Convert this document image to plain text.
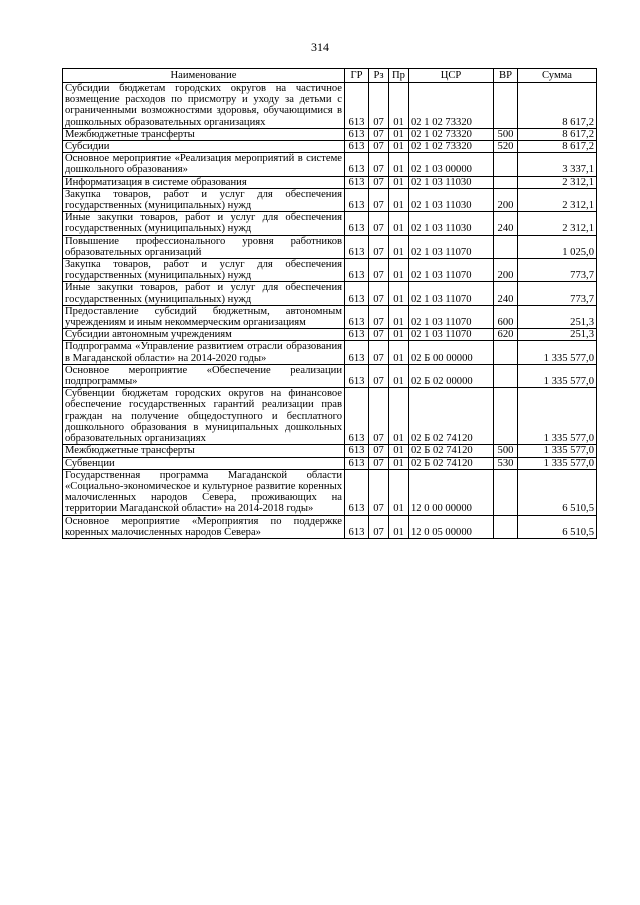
314
Наименование	ГР	Рз	Пр	ЦСР	ВР	Сумма
Субсидии бюджетам городских округов на частичное возмещение расходов по присмотру и уходу за детьми с ограниченными возможностями здоровья, обучающимися в дошкольных образовательных организациях	613	07	01	02 1 02 73320		8 617,2
Межбюджетные трансферты	613	07	01	02 1 02 73320	500	8 617,2
Субсидии	613	07	01	02 1 02 73320	520	8 617,2
Основное мероприятие «Реализация мероприятий в системе дошкольного образования»	613	07	01	02 1 03 00000		3 337,1
Информатизация в системе образования	613	07	01	02 1 03 11030		2 312,1
Закупка товаров, работ и услуг для обеспечения государственных (муниципальных) нужд	613	07	01	02 1 03 11030	200	2 312,1
Иные закупки товаров, работ и услуг для обеспечения государственных (муниципальных) нужд	613	07	01	02 1 03 11030	240	2 312,1
Повышение профессионального уровня работников образовательных организаций	613	07	01	02 1 03 11070		1 025,0
Закупка товаров, работ и услуг для обеспечения государственных (муниципальных) нужд	613	07	01	02 1 03 11070	200	773,7
Иные закупки товаров, работ и услуг для обеспечения государственных (муниципальных) нужд	613	07	01	02 1 03 11070	240	773,7
Предоставление субсидий бюджетным, автономным учреждениям и иным некоммерческим организациям	613	07	01	02 1 03 11070	600	251,3
Субсидии автономным учреждениям	613	07	01	02 1 03 11070	620	251,3
Подпрограмма «Управление развитием отрасли образования в Магаданской области» на 2014-2020 годы»	613	07	01	02 Б 00 00000		1 335 577,0
Основное мероприятие «Обеспечение реализации подпрограммы»	613	07	01	02 Б 02 00000		1 335 577,0
Субвенции бюджетам городских округов на финансовое обеспечение государственных гарантий реализации прав граждан на получение общедоступного и бесплатного дошкольного образования в муниципальных дошкольных образовательных организациях	613	07	01	02 Б 02 74120		1 335 577,0
Межбюджетные трансферты	613	07	01	02 Б 02 74120	500	1 335 577,0
Субвенции	613	07	01	02 Б 02 74120	530	1 335 577,0
Государственная программа Магаданской области «Социально-экономическое и культурное развитие коренных малочисленных народов Севера, проживающих на территории Магаданской области» на 2014-2018 годы»	613	07	01	12 0 00 00000		6 510,5
Основное мероприятие «Мероприятия по поддержке коренных малочисленных народов Севера»	613	07	01	12 0 05 00000		6 510,5
